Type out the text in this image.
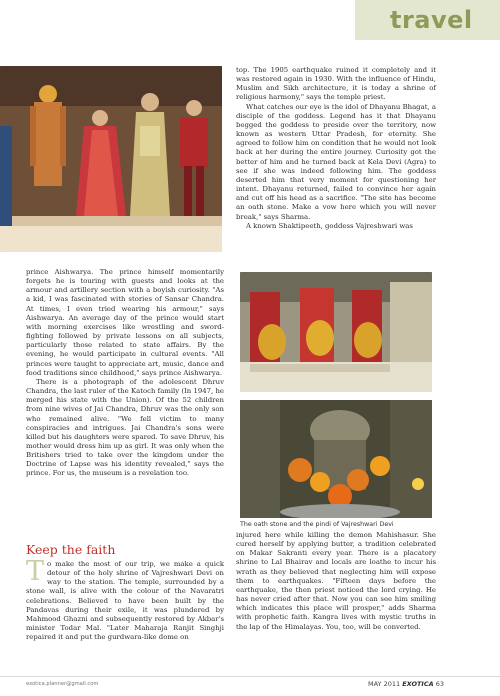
travel

top. The 1905 earthquake ruined it completely and it was restored again in 1930. With the influence of Hindu, Muslim and Sikh architecture, it is today a shrine of religious harmony," says the temple priest.

What catches our eye is the idol of Dhayanu Bhagat, a disciple of the goddess. Legend has it that Dhayanu begged the goddess to preside over the territory, now known as western Uttar Pradesh, for eternity. She agreed to follow him on condition that he would not look back at her during the entire journey. Curiosity got the better of him and he turned back at Kela Devi (Agra) to see if she was indeed following him. The goddess deserted him that very moment for questioning her intent. Dhayanu returned, failed to convince her again and cut off his head as a sacrifice. "The site has become an oath stone. Make a vow here which you will never break," says Sharma.

A known Shaktipeeth, goddess Vajreshwari was

prince Aishwarya. The prince himself momentarily forgets he is touring with guests and looks at the armour and artillery section with a boyish curiosity. "As a kid, I was fascinated with stories of Sansar Chandra. At times, I even tried wearing his armour," says Aishwarya. An average day of the prince would start with morning exercises like wrestling and sword-fighting followed by private lessons on all subjects, particularly those related to state affairs. By the evening, he would participate in cultural events. "All princes were taught to appreciate art, music, dance and food traditions since childhood," says prince Aishwarya.

There is a photograph of the adolescent Dhruv Chandra, the last ruler of the Katoch family (In 1947, he merged his state with the Union). Of the 52 children from nine wives of Jai Chandra, Dhruv was the only son who remained alive. "We fell victim to many conspiracies and intrigues. Jai Chandra's sons were killed but his daughters were spared. To save Dhruv, his mother would dress him up as girl. It was only when the Britishers tried to take over the kingdom under the Doctrine of Lapse was his identity revealed," says the prince. For us, the museum is a revelation too.

The oath stone and the pindi of Vajreshwari Devi
Keep the faith
T o make the most of our trip, we make a quick detour of the holy shrine of Vajreshwari Devi on way to the station. The temple, surrounded by a stone wall, is alive with the colour of the Navaratri celebrations. Believed to have been built by the Pandavas during their exile, it was plundered by Mahmood Ghazni and subsequently restored by Akbar's minister Todar Mal. "Later Maharaja Ranjit Singhji repaired it and put the gurdwara-like dome on

injured here while killing the demon Mahishasur. She cured herself by applying butter, a tradition celebrated on Makar Sakranti every year. There is a placatory shrine to Lal Bhairav and locals are loathe to incur his wrath as they believed that neglecting him will expose them to earthquakes. "Fifteen days before the earthquake, the then priest noticed the lord crying. He has never cried after that. Now you can see him smiling which indicates this place will prosper," adds Sharma with prophetic faith. Kangra lives with mystic truths in the lap of the Himalayas. You, too, will be converted.

exotica.planner@gmail.com	MAY 2011 EXOTICA 63
